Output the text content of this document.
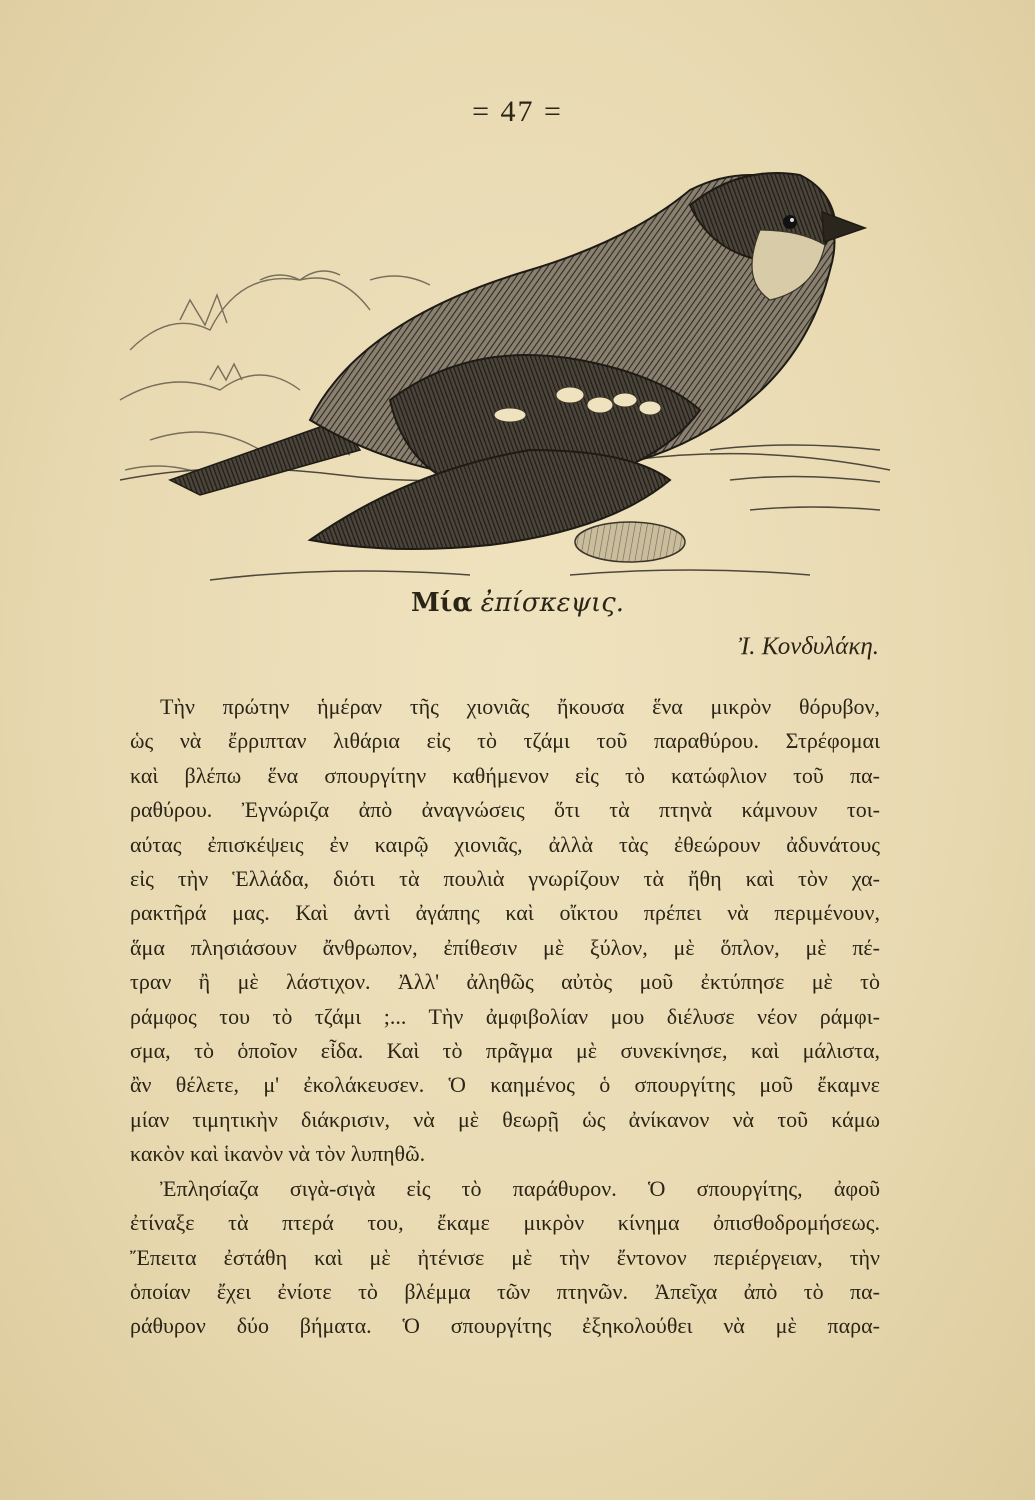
= 47 =
Μία ἐπίσκεψις.
Ἰ. Κονδυλάκη.
Τὴν πρώτην ἡμέραν τῆς χιονιᾶς ἤκουσα ἕνα μικρὸν θόρυβον,
ὡς νὰ ἔρριπταν λιθάρια εἰς τὸ τζάμι τοῦ παραθύρου. Στρέφομαι
καὶ βλέπω ἕνα σπουργίτην καθήμενον εἰς τὸ κατώφλιον τοῦ πα-
ραθύρου. Ἐγνώριζα ἀπὸ ἀναγνώσεις ὅτι τὰ πτηνὰ κάμνουν τοι-
αύτας ἐπισκέψεις ἐν καιρῷ χιονιᾶς, ἀλλὰ τὰς ἐθεώρουν ἀδυνάτους
εἰς τὴν Ἑλλάδα, διότι τὰ πουλιὰ γνωρίζουν τὰ ἤθη καὶ τὸν χα-
ρακτῆρά μας. Καὶ ἀντὶ ἀγάπης καὶ οἴκτου πρέπει νὰ περιμένουν,
ἅμα πλησιάσουν ἄνθρωπον, ἐπίθεσιν μὲ ξύλον, μὲ ὅπλον, μὲ πέ-
τραν ἢ μὲ λάστιχον. Ἀλλ' ἀληθῶς αὐτὸς μοῦ ἐκτύπησε μὲ τὸ
ράμφος του τὸ τζάμι ;... Τὴν ἀμφιβολίαν μου διέλυσε νέον ράμφι-
σμα, τὸ ὁποῖον εἶδα. Καὶ τὸ πρᾶγμα μὲ συνεκίνησε, καὶ μάλιστα,
ἂν θέλετε, μ' ἐκολάκευσεν. Ὁ καημένος ὁ σπουργίτης μοῦ ἔκαμνε
μίαν τιμητικὴν διάκρισιν, νὰ μὲ θεωρῇ ὡς ἀνίκανον νὰ τοῦ κάμω
κακὸν καὶ ἱκανὸν νὰ τὸν λυπηθῶ.
Ἐπλησίαζα σιγὰ-σιγὰ εἰς τὸ παράθυρον. Ὁ σπουργίτης, ἀφοῦ
ἐτίναξε τὰ πτερά του, ἔκαμε μικρὸν κίνημα ὀπισθοδρομήσεως.
Ἔπειτα ἐστάθη καὶ μὲ ἠτένισε μὲ τὴν ἔντονον περιέργειαν, τὴν
ὁποίαν ἔχει ἐνίοτε τὸ βλέμμα τῶν πτηνῶν. Ἀπεῖχα ἀπὸ τὸ πα-
ράθυρον δύο βήματα. Ὁ σπουργίτης ἐξηκολούθει νὰ μὲ παρα-
